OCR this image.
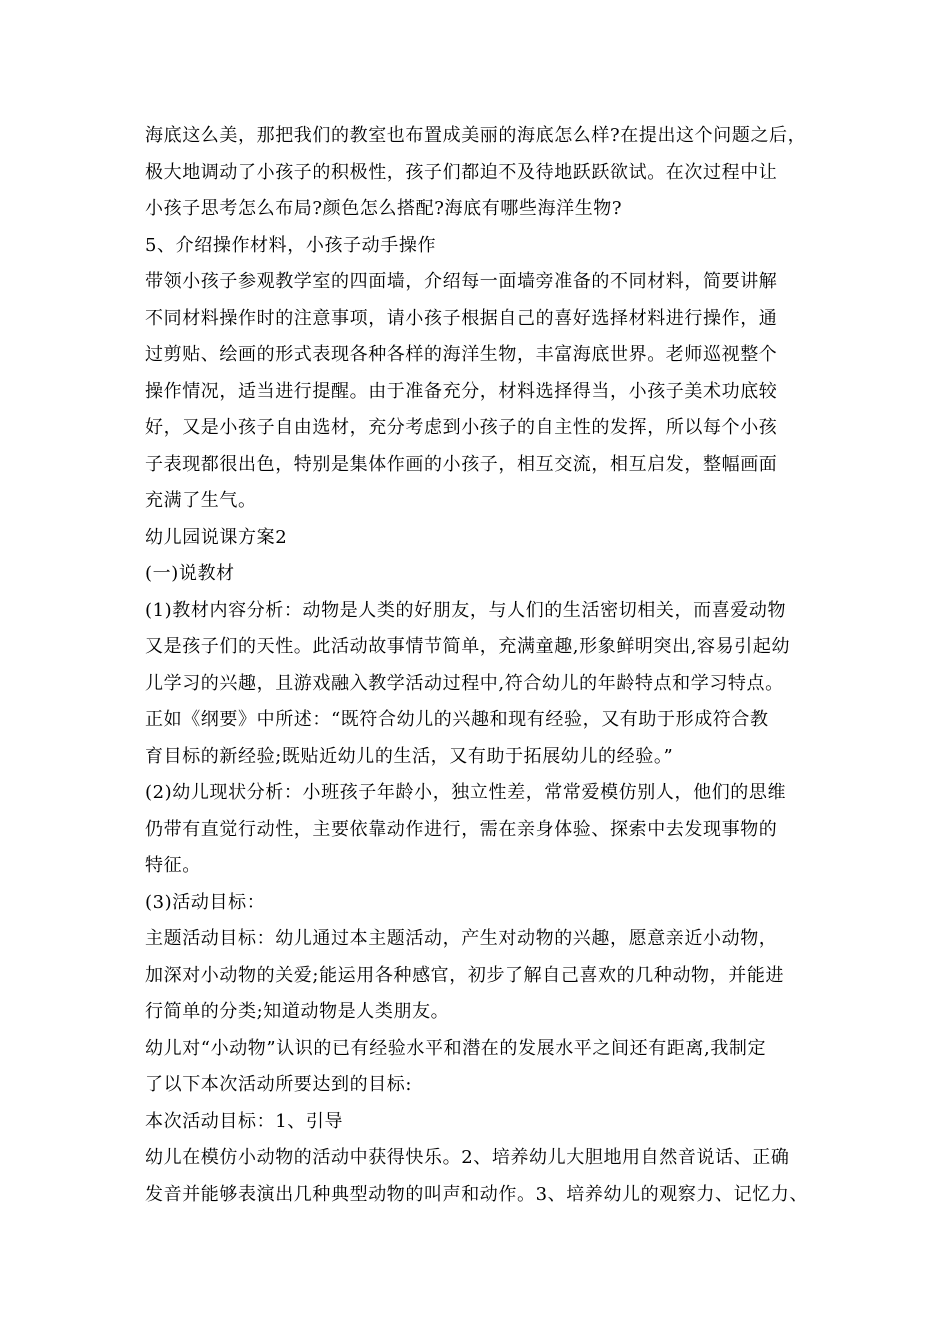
海底这么美，那把我们的教室也布置成美丽的海底怎么样?在提出这个问题之后，
极大地调动了小孩子的积极性，孩子们都迫不及待地跃跃欲试。在次过程中让
小孩子思考怎么布局?颜色怎么搭配?海底有哪些海洋生物?
5、介绍操作材料，小孩子动手操作
带领小孩子参观教学室的四面墙，介绍每一面墙旁准备的不同材料，简要讲解
不同材料操作时的注意事项，请小孩子根据自己的喜好选择材料进行操作，通
过剪贴、绘画的形式表现各种各样的海洋生物，丰富海底世界。老师巡视整个
操作情况，适当进行提醒。由于准备充分，材料选择得当，小孩子美术功底较
好，又是小孩子自由选材，充分考虑到小孩子的自主性的发挥，所以每个小孩
子表现都很出色，特别是集体作画的小孩子，相互交流，相互启发，整幅画面
充满了生气。
幼儿园说课方案2
(一)说教材
(1)教材内容分析：动物是人类的好朋友，与人们的生活密切相关，而喜爱动物
又是孩子们的天性。此活动故事情节简单，充满童趣,形象鲜明突出,容易引起幼
儿学习的兴趣，且游戏融入教学活动过程中,符合幼儿的年龄特点和学习特点。
正如《纲要》中所述：“既符合幼儿的兴趣和现有经验，又有助于形成符合教
育目标的新经验;既贴近幼儿的生活，又有助于拓展幼儿的经验。”
(2)幼儿现状分析：小班孩子年龄小，独立性差，常常爱模仿别人，他们的思维
仍带有直觉行动性，主要依靠动作进行，需在亲身体验、探索中去发现事物的
特征。
(3)活动目标：
主题活动目标：幼儿通过本主题活动，产生对动物的兴趣，愿意亲近小动物，
加深对小动物的关爱;能运用各种感官，初步了解自己喜欢的几种动物，并能进
行简单的分类;知道动物是人类朋友。
幼儿对“小动物”认识的已有经验水平和潜在的发展水平之间还有距离,我制定
了以下本次活动所要达到的目标:
本次活动目标：1、引导
幼儿在模仿小动物的活动中获得快乐。2、培养幼儿大胆地用自然音说话、正确
发音并能够表演出几种典型动物的叫声和动作。3、培养幼儿的观察力、记忆力、
